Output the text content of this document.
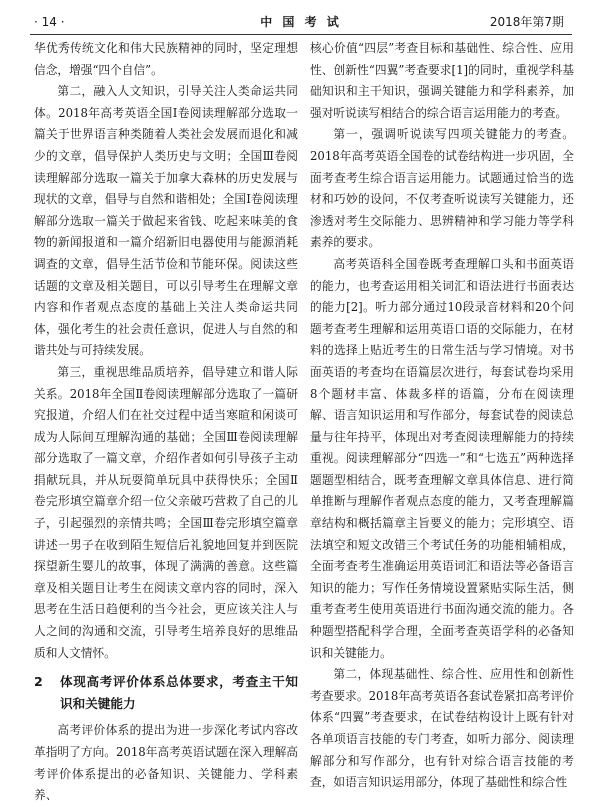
· 14 ·	中 国 考 试	2018年第7期

华优秀传统文化和伟大民族精神的同时，坚定理想信念，增强“四个自信”。

第二，融入人文知识，引导关注人类命运共同体。2018年高考英语全国Ⅰ卷阅读理解部分选取一篇关于世界语言种类随着人类社会发展而退化和减少的文章，倡导保护人类历史与文明；全国Ⅲ卷阅读理解部分选取一篇关于加拿大森林的历史发展与现状的文章，倡导与自然和谐相处；全国Ⅰ卷阅读理解部分选取一篇关于做起来省钱、吃起来味美的食物的新闻报道和一篇介绍新旧电器使用与能源消耗调查的文章，倡导生活节俭和节能环保。阅读这些话题的文章及相关题目，可以引导考生在理解文章内容和作者观点态度的基础上关注人类命运共同体，强化考生的社会责任意识，促进人与自然的和谐共处与可持续发展。

第三，重视思维品质培养，倡导建立和谐人际关系。2018年全国Ⅱ卷阅读理解部分选取了一篇研究报道，介绍人们在社交过程中适当寒暄和闲谈可成为人际间互理解沟通的基础；全国Ⅲ卷阅读理解部分选取了一篇文章，介绍作者如何引导孩子主动捐献玩具，并从玩耍简单玩具中获得快乐；全国Ⅱ卷完形填空篇章介绍一位父亲破巧营救了自己的儿子，引起强烈的亲情共鸣；全国Ⅲ卷完形填空篇章讲述一男子在收到陌生短信后礼貌地回复并到医院探望新生婴儿的故事，体现了满满的善意。这些篇章及相关题目让考生在阅读文章内容的同时，深入思考在生活日趋便利的当今社会，更应该关注人与人之间的沟通和交流，引导考生培养良好的思维品质和人文情怀。

2	体现高考评价体系总体要求，考查主干知识和关键能力

高考评价体系的提出为进一步深化考试内容改革指明了方向。2018年高考英语试题在深入理解高考评价体系提出的必备知识、关键能力、学科素养、

核心价值“四层”考查目标和基础性、综合性、应用性、创新性“四翼”考查要求[1]的同时，重视学科基础知识和主干知识，强调关键能力和学科素养，加强对听说读写相结合的综合语言运用能力的考查。

第一，强调听说读写四项关键能力的考查。2018年高考英语全国卷的试卷结构进一步巩固，全面考查考生综合语言运用能力。试题通过恰当的选材和巧妙的设问，不仅考查听说读写关键能力，还渗透对考生交际能力、思辨精神和学习能力等学科素养的要求。

高考英语科全国卷既考查理解口头和书面英语的能力，也考查运用相关词汇和语法进行书面表达的能力[2]。听力部分通过10段录音材料和20个问题考查考生理解和运用英语口语的交际能力，在材料的选择上贴近考生的日常生活与学习情境。对书面英语的考查均在语篇层次进行，每套试卷均采用8个题材丰富、体裁多样的语篇，分布在阅读理解、语言知识运用和写作部分，每套试卷的阅读总量与往年持平，体现出对考查阅读理解能力的持续重视。阅读理解部分“四选一”和“七选五”两种选择题题型相结合，既考查理解文章具体信息、进行简单推断与理解作者观点态度的能力，又考查理解篇章结构和概括篇章主旨要义的能力；完形填空、语法填空和短文改错三个考试任务的功能相辅相成，全面考查考生准确运用英语词汇和语法等必备语言知识的能力；写作任务情境设置紧贴实际生活，侧重考查考生使用英语进行书面沟通交流的能力。各种题型搭配科学合理，全面考查英语学科的必备知识和关键能力。

第二，体现基础性、综合性、应用性和创新性考查要求。2018年高考英语各套试卷紧扣高考评价体系“四翼”考查要求，在试卷结构设计上既有针对各单项语言技能的专门考查，如听力部分、阅读理解部分和写作部分，也有针对综合语言技能的考查，如语言知识运用部分，体现了基础性和综合性
